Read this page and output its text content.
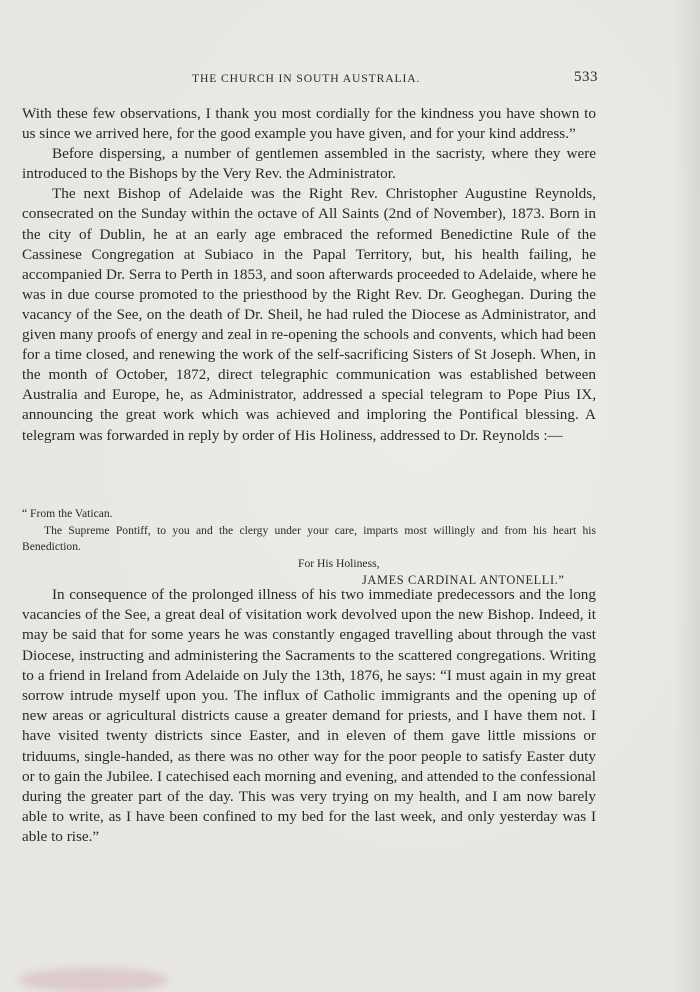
THE CHURCH IN SOUTH AUSTRALIA.	533

With these few observations, I thank you most cordially for the kindness you have shown to us since we arrived here, for the good example you have given, and for your kind address.”

Before dispersing, a number of gentlemen assembled in the sacristy, where they were introduced to the Bishops by the Very Rev. the Administrator.

The next Bishop of Adelaide was the Right Rev. Christopher Augustine Reynolds, consecrated on the Sunday within the octave of All Saints (2nd of November), 1873. Born in the city of Dublin, he at an early age embraced the reformed Benedictine Rule of the Cassinese Congregation at Subiaco in the Papal Territory, but, his health failing, he accompanied Dr. Serra to Perth in 1853, and soon afterwards proceeded to Adelaide, where he was in due course promoted to the priesthood by the Right Rev. Dr. Geoghegan. During the vacancy of the See, on the death of Dr. Sheil, he had ruled the Diocese as Administrator, and given many proofs of energy and zeal in re-opening the schools and convents, which had been for a time closed, and renewing the work of the self-sacrificing Sisters of St Joseph. When, in the month of October, 1872, direct telegraphic communication was established between Australia and Europe, he, as Administrator, addressed a special telegram to Pope Pius IX, announcing the great work which was achieved and imploring the Pontifical blessing. A telegram was forwarded in reply by order of His Holiness, addressed to Dr. Reynolds :—

“ From the Vatican.

The Supreme Pontiff, to you and the clergy under your care, imparts most willingly and from his heart his Benediction.

For His Holiness,

JAMES CARDINAL ANTONELLI.”

In consequence of the prolonged illness of his two immediate predecessors and the long vacancies of the See, a great deal of visitation work devolved upon the new Bishop. Indeed, it may be said that for some years he was constantly engaged travelling about through the vast Diocese, instructing and administering the Sacraments to the scattered congregations. Writing to a friend in Ireland from Adelaide on July the 13th, 1876, he says: “I must again in my great sorrow intrude myself upon you. The influx of Catholic immigrants and the opening up of new areas or agricultural districts cause a greater demand for priests, and I have them not. I have visited twenty districts since Easter, and in eleven of them gave little missions or triduums, single-handed, as there was no other way for the poor people to satisfy Easter duty or to gain the Jubilee. I catechised each morning and evening, and attended to the confessional during the greater part of the day. This was very trying on my health, and I am now barely able to write, as I have been confined to my bed for the last week, and only yesterday was I able to rise.”
